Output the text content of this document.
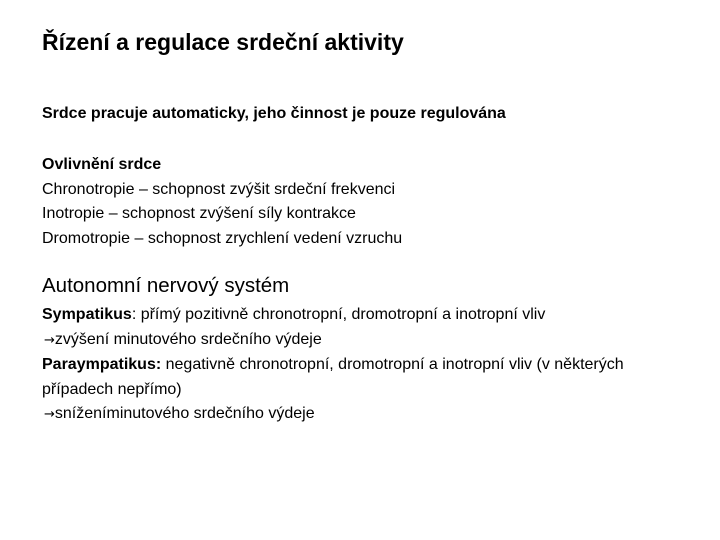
Řízení a regulace srdeční aktivity
Srdce pracuje automaticky, jeho činnost je pouze regulována
Ovlivnění srdce
Chronotropie – schopnost zvýšit srdeční frekvenci
Inotropie – schopnost zvýšení síly kontrakce
Dromotropie – schopnost zrychlení vedení vzruchu
Autonomní nervový systém
Sympatikus: přímý pozitivně chronotropní, dromotropní a inotropní vliv
→zvýšení minutového srdečního výdeje
Paraympatikus: negativně chronotropní, dromotropní a inotropní vliv (v některých případech nepřímo)
→sníženíminutového srdečního výdeje
